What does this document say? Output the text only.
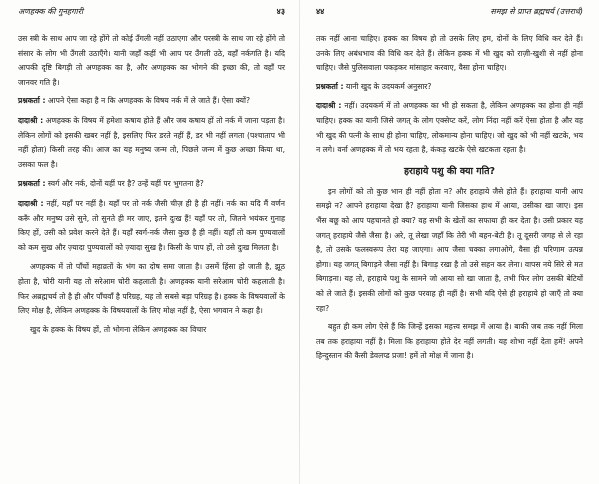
अणहक्क की गुनहगारी	४३

उस स्त्री के साथ आप जा रहे होंगे तो कोई उँगली नहीं उठाएगा और परस्त्री के साथ जा रहे होंगे तो संसार के लोग भी उँगली उठाएँगे। यानी जहाँ कहीं भी आप पर उँगली उठे, वहाँ नर्कगति है। यदि आपकी दृष्टि बिगड़ी तो अणहक्क का है, और अणहक्क का भोगने की इच्छा की, तो वहाँ पर जानवर गति है।

प्रश्नकर्ता : आपने ऐसा कहा है न कि अणहक्क के विषय नर्क में ले जाते हैं। ऐसा क्यों?

दादाश्री : अणहक्क के विषय में हमेशा कषाय होते हैं और जब कषाय हों तो नर्क में जाना पड़ता है। लेकिन लोगों को इसकी खबर नहीं है, इसलिए फिर डरते नहीं हैं, डर भी नहीं लगता (पश्चाताप भी नहीं होता) किसी तरह की। आज का यह मनुष्य जन्म तो, पिछले जन्म में कुछ अच्छा किया था, उसका फल है।

प्रश्नकर्ता : स्वर्ग और नर्क, दोनों यहीं पर है? उन्हें यहीं पर भुगतना है?

दादाश्री : नहीं, यहाँ पर नहीं है। यहाँ पर तो नर्क जैसी चीज़ ही है ही नहीं। नर्क का यदि मैं वर्णन करूँ और मनुष्य उसे सुने, तो सुनते ही मर जाए, इतने दुःख हैं! यहाँ पर तो, जितने भयंकर गुनाह किए हों, उसी को प्रवेश करने देते हैं। यहाँ स्वर्ग-नर्क जैसा कुछ है ही नहीं। यहाँ तो कम पुण्यवालों को कम सुख और ज़्यादा पुण्यवालों को ज़्यादा सुख है। किसी के पाप हों, तो उसे दुःख मिलता है।

अणहक्क में तो पाँचों महाव्रतों के भंग का दोष समा जाता है। उसमें हिंसा हो जाती है, झूठ होता है, चोरी यानी यह तो सरेआम चोरी कहलाती है। अणहक्क यानी सरेआम चोरी कहलाती है। फिर अब्रह्मचर्य तो है ही और पाँचवाँ है परिग्रह, यह तो सबसे बड़ा परिग्रह है। हक्क के विषयवालों के लिए मोक्ष है, लेकिन अणहक्क के विषयवालों के लिए मोक्ष नहीं है, ऐसा भगवान ने कहा है।

खुद के हक्क के विषय हों, तो भोगना लेकिन अणहक्क का विचार

४४	समझ से प्राप्त ब्रह्मचर्य (उत्तरार्ध)

तक नहीं आना चाहिए। हक्क का विषय हो तो उसके लिए हम, दोनों के लिए विधि कर देते हैं। उनके लिए अबंधभाव की विधि कर देते हैं। लेकिन हक्क में भी खुद को राज़ी-खुशी से नहीं होना चाहिए। जैसे पुलिसवाला पकड़कर मांसाहार करवाए, वैसा होना चाहिए।

प्रश्नकर्ता : यानी खुद के उदयकर्म अनुसार?

दादाश्री : नहीं। उदयकर्म में तो अणहक्क का भी हो सकता है, लेकिन अणहक्क का होना ही नहीं चाहिए। हक्क का यानी जिसे जगत् के लोग एक्सेप्ट करें, लोग निंदा नहीं करें ऐसा होता है और वह भी खुद की पत्नी के साथ ही होना चाहिए, लोकमान्य होना चाहिए। जो खुद को भी नहीं खटके, भय न लगे। वर्ना अणहक्क में तो भय रहता है, कंकड़ खटके ऐसे खटकता रहता है।

हराहाये पशु की क्या गति?

इन लोगों को तो कुछ भान ही नहीं होता न? और हराहाये जैसे होते हैं। हराहाया यानी आप समझे न? आपने हराहाया देखा है? हराहाया यानी जिसका हाथ में आया, उसीका खा जाए। इस भैंस बछू को आप पहचानते हो क्या? वह सभी के खेतों का सफाया ही कर देता है। उसी प्रकार यह जगत् हराहाये जैसे जैसा है। अरे, तू लेखा जहाँ कि तेरी भी बहन-बेटी है। तू दूसरी जगह से ले रहा है, तो उसके फलस्वरूप तेरा यह जाएगा। आप जैसा चक्का लगाओगे, वैसा ही परिणाम उत्पन्न होगा। यह जगत् बिगाड़ने जैसा नहीं है। बिगाड़ रखा है तो उसे सहन कर लेना। वापस नये सिरे से मत बिगाड़ना। यह तो, हराहाये पशु के सामने जो आया सो खा जाता है, तभी फिर लोग उसकी बेटियों को ले जाते हैं। इसकी लोगों को कुछ परवाह ही नहीं है। सभी यदि ऐसे ही हराहाये हो जाएँ तो क्या रहा?

बहुत ही कम लोग ऐसे हैं कि जिन्हें इसका महत्त्व समझ में आया है। बाकी जब तक नहीं मिला तब तक हराहाया नहीं है। मिला कि हराहाया होते देर नहीं लगती। यह शोभा नहीं देता हमें! अपने हिन्दुस्तान की कैसी डेवलप्ड प्रजा! हमें तो मोक्ष में जाना है।
